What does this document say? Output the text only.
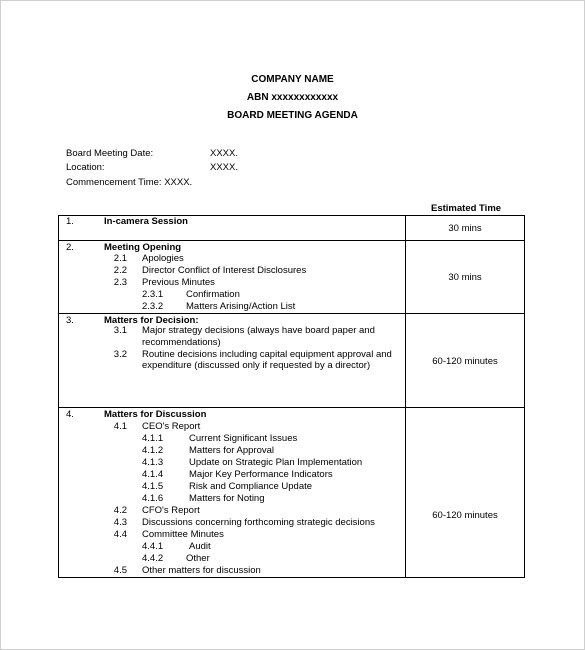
COMPANY NAME
ABN xxxxxxxxxxxx
BOARD MEETING AGENDA
Board Meeting Date:	XXXX.
Location:	XXXX.
Commencement Time: XXXX.
Estimated Time
1.	In-camera Session
30 mins
2.	Meeting Opening
2.1 Apologies
2.2 Director Conflict of Interest Disclosures
2.3 Previous Minutes
2.3.1 Confirmation
2.3.2 Matters Arising/Action List
30 mins
3.	Matters for Decision:
3.1 Major strategy decisions (always have board paper and
recommendations)
3.2 Routine decisions including capital equipment approval and
expenditure (discussed only if requested by a director)	60-120 minutes
4.	Matters for Discussion
4.1 CEO's Report
4.1.1	Current Significant Issues
4.1.2	Matters for Approval
4.1.3	Update on Strategic Plan Implementation
4.1.4	Major Key Performance Indicators
4.1.5	Risk and Compliance Update
4.1.6	Matters for Noting
4.2 CFO's Report
4.3 Discussions concerning forthcoming strategic decisions
4.4 Committee Minutes
4.4.1	Audit
4.4.2 Other
4.5 Other matters for discussion
60-120 minutes
